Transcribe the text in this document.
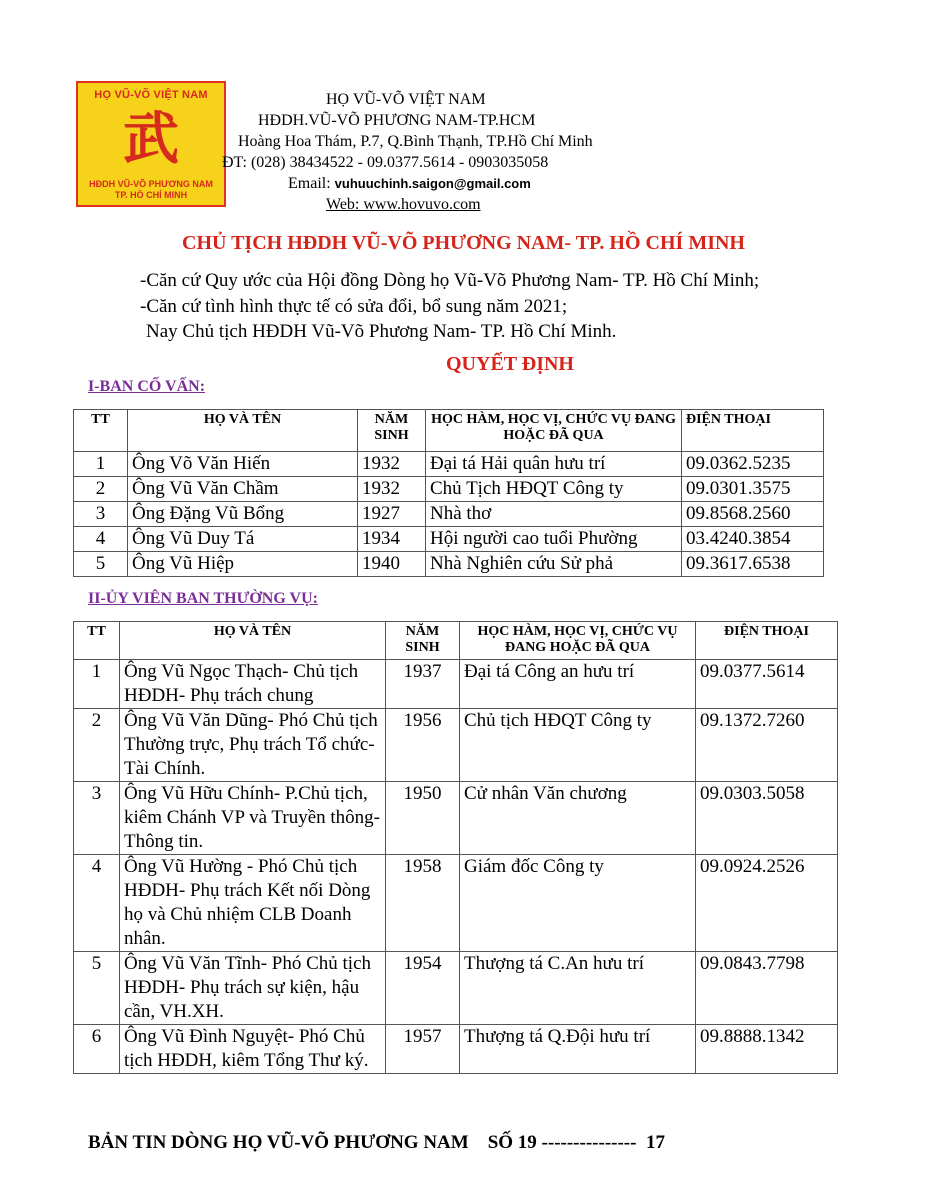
HỌ VŨ-VÕ VIỆT NAM
武
HĐDH VŨ-VÕ PHƯƠNG NAM
TP. HỒ CHÍ MINH
HỌ VŨ-VÕ VIỆT NAM
HĐDH.VŨ-VÕ PHƯƠNG NAM-TP.HCM
Hoàng Hoa Thám, P.7, Q.Bình Thạnh, TP.Hồ Chí Minh
ĐT: (028) 38434522 - 09.0377.5614 - 0903035058
Email: vuhuuchinh.saigon@gmail.com
Web: www.hovuvo.com
CHỦ TỊCH HĐDH VŨ-VÕ PHƯƠNG NAM- TP. HỒ CHÍ MINH
-Căn cứ Quy ước của Hội đồng Dòng họ Vũ-Võ Phương Nam- TP. Hồ Chí Minh;
-Căn cứ tình hình thực tế có sửa đổi, bổ sung năm 2021;
Nay Chủ tịch HĐDH Vũ-Võ Phương Nam- TP. Hồ Chí Minh.
QUYẾT ĐỊNH
I-BAN CỐ VẤN:
TT	HỌ VÀ TÊN	NĂM SINH	HỌC HÀM, HỌC VỊ, CHỨC VỤ ĐANG HOẶC ĐÃ QUA	ĐIỆN THOẠI
1	Ông Võ Văn Hiến	1932	Đại tá Hải quân hưu trí	09.0362.5235
2	Ông Vũ Văn Chầm	1932	Chủ Tịch HĐQT Công ty	09.0301.3575
3	Ông Đặng Vũ Bổng	1927	Nhà thơ	09.8568.2560
4	Ông Vũ Duy Tá	1934	Hội người cao tuổi Phường	03.4240.3854
5	Ông Vũ Hiệp	1940	Nhà Nghiên cứu Sử phả	09.3617.6538
II-ỦY VIÊN BAN THƯỜNG VỤ:
TT	HỌ VÀ TÊN	NĂM SINH	HỌC HÀM, HỌC VỊ, CHỨC VỤ ĐANG HOẶC ĐÃ QUA	ĐIỆN THOẠI
1	Ông Vũ Ngọc Thạch- Chủ tịch HĐDH- Phụ trách chung	1937	Đại tá Công an hưu trí	09.0377.5614
2	Ông Vũ Văn Dũng- Phó Chủ tịch Thường trực, Phụ trách Tổ chức- Tài Chính.	1956	Chủ tịch HĐQT Công ty	09.1372.7260
3	Ông Vũ Hữu Chính- P.Chủ tịch, kiêm Chánh VP và Truyền thông- Thông tin.	1950	Cử nhân Văn chương	09.0303.5058
4	Ông Vũ Hường - Phó Chủ tịch HĐDH- Phụ trách Kết nối Dòng họ và Chủ nhiệm CLB Doanh nhân.	1958	Giám đốc Công ty	09.0924.2526
5	Ông Vũ Văn Tĩnh- Phó Chủ tịch HĐDH- Phụ trách sự kiện, hậu cần, VH.XH.	1954	Thượng tá C.An hưu trí	09.0843.7798
6	Ông Vũ Đình Nguyệt- Phó Chủ tịch HĐDH, kiêm Tổng Thư ký.	1957	Thượng tá Q.Đội hưu trí	09.8888.1342
BẢN TIN DÒNG HỌ VŨ-VÕ PHƯƠNG NAM    SỐ 19 ---------------  17
